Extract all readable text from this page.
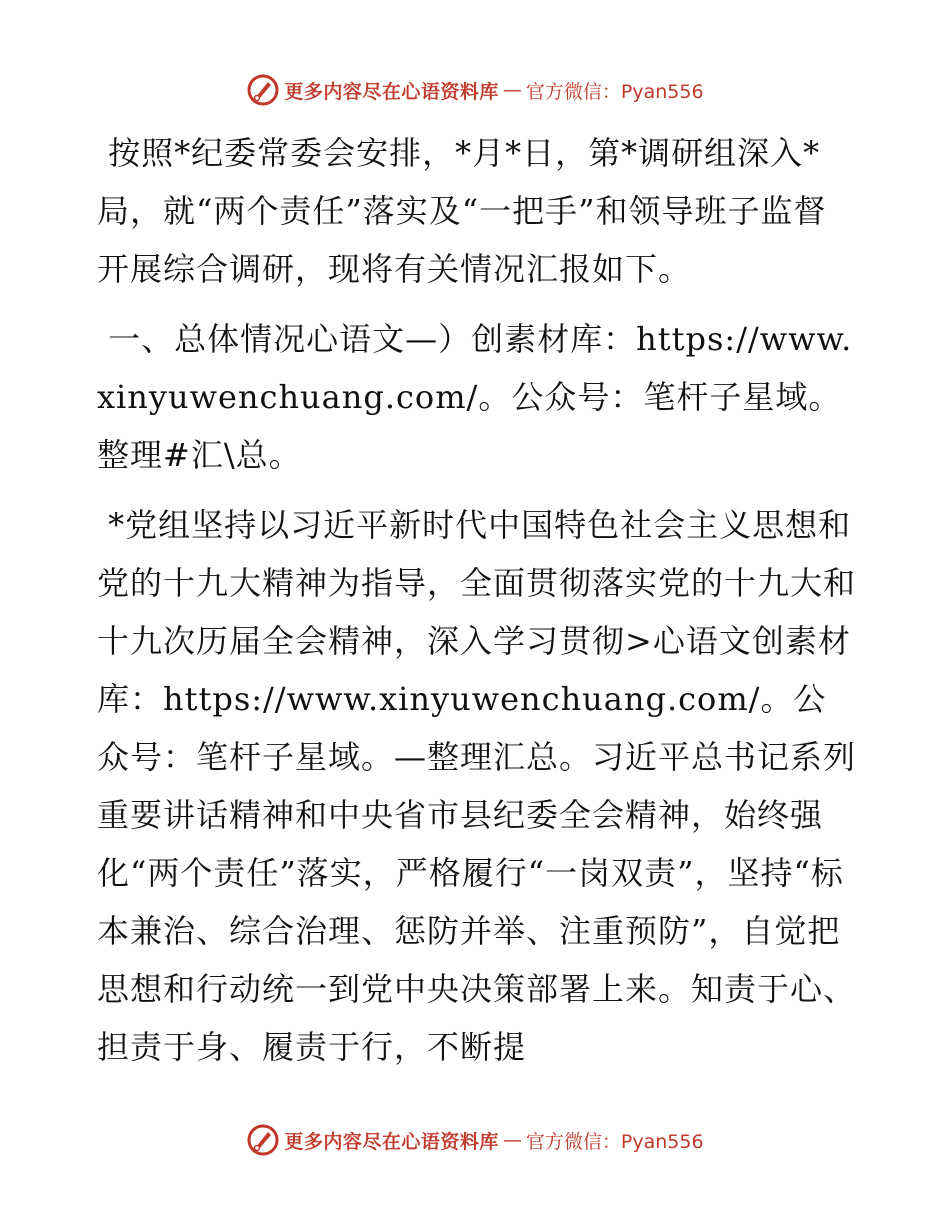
更多内容尽在心语资料库 — 官方微信：Pyan556

按照*纪委常委会安排，*月*日，第*调研组深入*局，就“两个责任”落实及“一把手”和领导班子监督开展综合调研，现将有关情况汇报如下。

一、总体情况心语文—）创素材库：https://www.xinyuwenchuang.com/。公众号：笔杆子星域。整理#汇\总。

*党组坚持以习近平新时代中国特色社会主义思想和党的十九大精神为指导，全面贯彻落实党的十九大和十九次历届全会精神，深入学习贯彻>心语文创素材库：https://www.xinyuwenchuang.com/。公众号：笔杆子星域。—整理汇总。习近平总书记系列重要讲话精神和中央省市县纪委全会精神，始终强化“两个责任”落实，严格履行“一岗双责”，坚持“标本兼治、综合治理、惩防并举、注重预防”，自觉把思想和行动统一到党中央决策部署上来。知责于心、担责于身、履责于行，不断提

更多内容尽在心语资料库 — 官方微信：Pyan556
